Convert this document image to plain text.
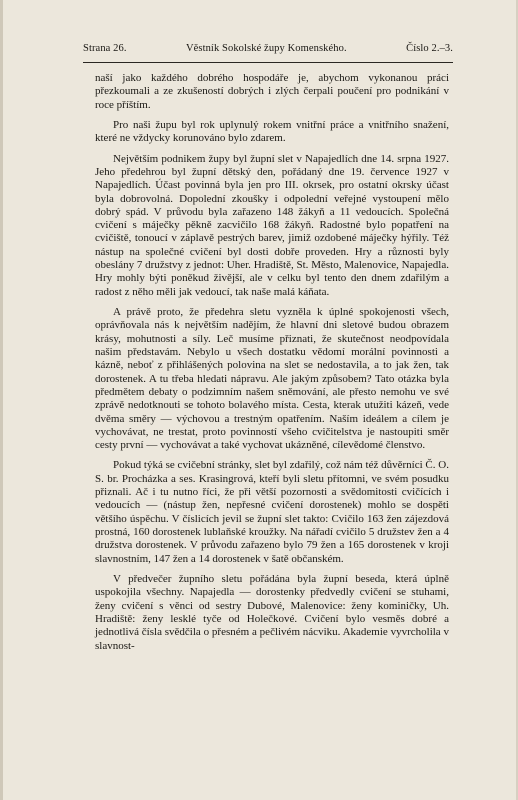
Strana 26.	Věstník Sokolské župy Komenského.	Číslo 2.–3.

naší jako každého dobrého hospodáře je, abychom vykonanou práci přezkoumali a ze zkušeností dobrých i zlých čerpali poučení pro podnikání v roce příštím.

Pro naši župu byl rok uplynulý rokem vnitřní práce a vnitřního snažení, které ne vždycky korunováno bylo zdarem.

Největším podnikem župy byl župní slet v Napajedlích dne 14. srpna 1927. Jeho předehrou byl župní dětský den, pořádaný dne 19. července 1927 v Napajedlích. Účast povinná byla jen pro III. okrsek, pro ostatní okrsky účast byla dobrovolná. Dopolední zkoušky i odpolední veřejné vystoupení mělo dobrý spád. V průvodu byla zařazeno 148 žákyň a 11 vedoucích. Společná cvičení s máječky pěkně zacvičilo 168 žákyň. Radostné bylo popatření na cvičiště, tonoucí v záplavě pestrých barev, jimiž ozdobené máječky hýřily. Též nástup na společné cvičení byl dosti dobře proveden. Hry a různosti byly obeslány 7 družstvy z jednot: Uher. Hradiště, St. Město, Malenovice, Napajedla. Hry mohly býti poněkud živější, ale v celku byl tento den dnem zdařilým a radost z něho měli jak vedoucí, tak naše malá káňata.

A právě proto, že předehra sletu vyzněla k úplné spokojenosti všech, oprávňovala nás k největším nadějím, že hlavní dni sletové budou obrazem krásy, mohutnosti a síly. Leč musíme přiznati, že skutečnost neodpovídala našim představám. Nebylo u všech dostatku vědomí morální povinnosti a kázně, neboť z přihlášených polovina na slet se nedostavila, a to jak žen, tak dorostenek. A tu třeba hledati nápravu. Ale jakým způsobem? Tato otázka byla předmětem debaty o podzimním našem sněmování, ale přesto nemohu ve své zprávě nedotknouti se tohoto bolavého místa. Cesta, kterak utužiti kázeň, vede dvěma směry — výchovou a trestným opatřením. Naším ideálem a cílem je vychovávat, ne trestat, proto povinností všeho cvičitelstva je nastoupiti směr cesty první — vychovávat a také vychovat ukázněné, cílevědomé členstvo.

Pokud týká se cvičební stránky, slet byl zdařilý, což nám též důvěrníci Č. O. S. br. Procházka a ses. Krasingrová, kteří byli sletu přítomni, ve svém posudku přiznali. Ač i tu nutno říci, že při větší pozornosti a svědomitosti cvičících i vedoucích — (nástup žen, nepřesné cvičení dorostenek) mohlo se dospěti většího úspěchu. V číslicích jevil se župní slet takto: Cvičilo 163 žen zájezdová prostná, 160 dorostenek lublaňské kroužky. Na nářadí cvičilo 5 družstev žen a 4 družstva dorostenek. V průvodu zařazeno bylo 79 žen a 165 dorostenek v kroji slavnostním, 147 žen a 14 dorostenek v šatě občanském.

V předvečer župního sletu pořádána byla župní beseda, která úplně uspokojila všechny. Napajedla — dorostenky předvedly cvičení se stuhami, ženy cvičení s věnci od sestry Dubové, Malenovice: ženy kominičky, Uh. Hradiště: ženy lesklé tyče od Holečkové. Cvičení bylo vesměs dobré a jednotlivá čísla svědčila o přesném a pečlivém nácviku. Akademie vyvrcholila v slavnost-
